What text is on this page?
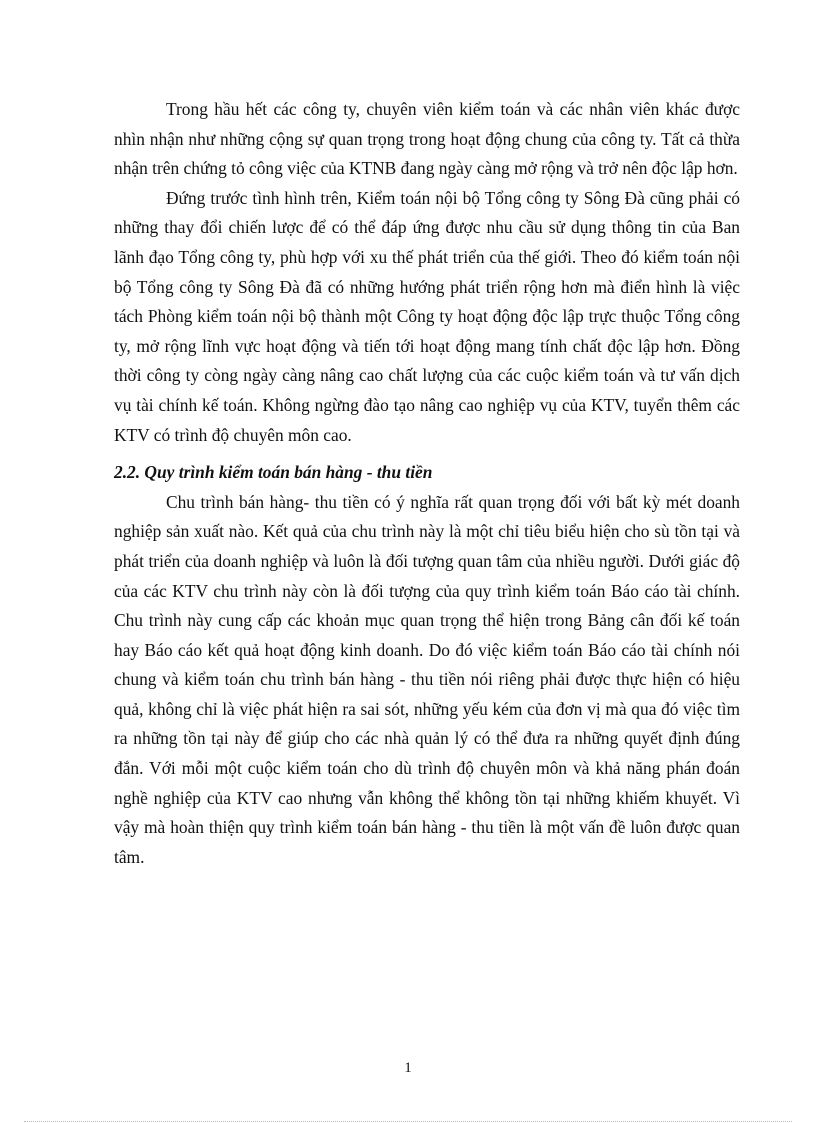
Trong hầu hết các công ty, chuyên viên kiểm toán và các nhân viên khác được nhìn nhận như những cộng sự quan trọng trong hoạt động chung của công ty. Tất cả thừa nhận trên chứng tỏ công việc của KTNB đang ngày càng mở rộng và trở nên độc lập hơn.

Đứng trước tình hình trên, Kiểm toán nội bộ Tổng công ty Sông Đà cũng phải có những thay đổi chiến lược để có thể đáp ứng được nhu cầu sử dụng thông tin của Ban lãnh đạo Tổng công ty, phù hợp với xu thế phát triển của thế giới. Theo đó kiểm toán nội bộ Tổng công ty Sông Đà đã có những hướng phát triển rộng hơn mà điển hình là việc tách Phòng kiểm toán nội bộ thành một Công ty hoạt động độc lập trực thuộc Tổng công ty, mở rộng lĩnh vực hoạt động và tiến tới hoạt động mang tính chất độc lập hơn. Đồng thời công ty còng ngày càng nâng cao chất lượng của các cuộc kiểm toán và tư vấn dịch vụ tài chính kế toán. Không ngừng đào tạo nâng cao nghiệp vụ của KTV, tuyển thêm các KTV có trình độ chuyên môn cao.

2.2. Quy trình kiểm toán bán hàng - thu tiền

Chu trình bán hàng- thu tiền có ý nghĩa rất quan trọng đối với bất kỳ mét doanh nghiệp sản xuất nào. Kết quả của chu trình này là một chỉ tiêu biểu hiện cho sù tồn tại và phát triển của doanh nghiệp và luôn là đối tượng quan tâm của nhiều người. Dưới giác độ của các KTV chu trình này còn là đối tượng của quy trình kiểm toán Báo cáo tài chính. Chu trình này cung cấp các khoản mục quan trọng thể hiện trong Bảng cân đối kế toán hay Báo cáo kết quả hoạt động kinh doanh. Do đó việc kiểm toán Báo cáo tài chính nói chung và kiểm toán chu trình bán hàng - thu tiền nói riêng phải được thực hiện có hiệu quả, không chỉ là việc phát hiện ra sai sót, những yếu kém của đơn vị mà qua đó việc tìm ra những tồn tại này để giúp cho các nhà quản lý có thể đưa ra những quyết định đúng đắn. Với mỗi một cuộc kiểm toán cho dù trình độ chuyên môn và khả năng phán đoán nghề nghiệp của KTV cao nhưng vẫn không thể không tồn tại những khiếm khuyết. Vì vậy mà hoàn thiện quy trình kiểm toán bán hàng - thu tiền là một vấn đề luôn được quan tâm.

1
